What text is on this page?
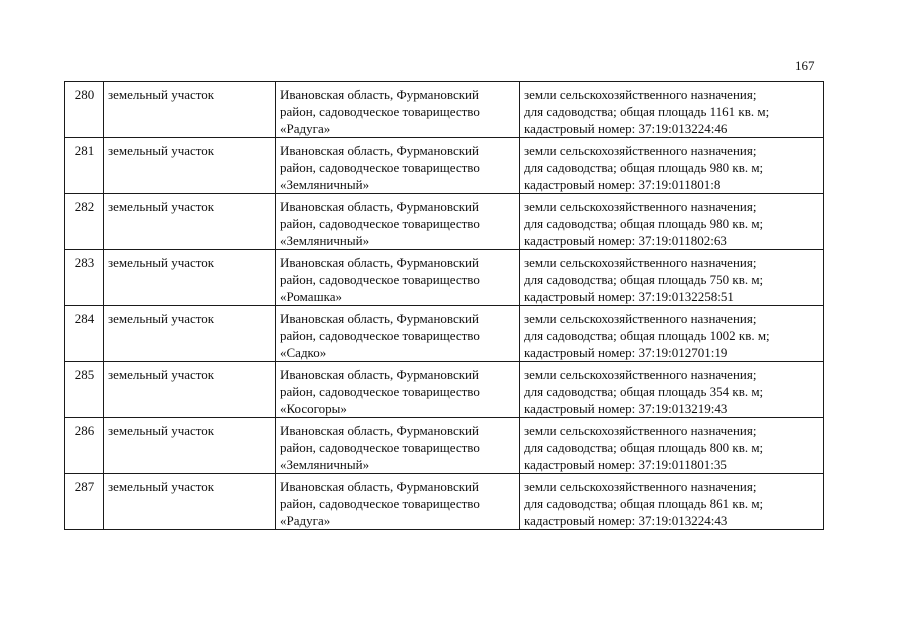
167
280	земельный участок	Ивановская область, Фурмановский
район, садоводческое товарищество
«Радуга»	земли сельскохозяйственного назначения;
для садоводства; общая площадь 1161 кв. м;
кадастровый номер: 37:19:013224:46

281	земельный участок	Ивановская область, Фурмановский
район, садоводческое товарищество
«Земляничный»	земли сельскохозяйственного назначения;
для садоводства; общая площадь 980 кв. м;
кадастровый номер: 37:19:011801:8

282	земельный участок	Ивановская область, Фурмановский
район, садоводческое товарищество
«Земляничный»	земли сельскохозяйственного назначения;
для садоводства; общая площадь 980 кв. м;
кадастровый номер: 37:19:011802:63

283	земельный участок	Ивановская область, Фурмановский
район, садоводческое товарищество
«Ромашка»	земли сельскохозяйственного назначения;
для садоводства; общая площадь 750 кв. м;
кадастровый номер: 37:19:0132258:51

284	земельный участок	Ивановская область, Фурмановский
район, садоводческое товарищество
«Садко»	земли сельскохозяйственного назначения;
для садоводства; общая площадь 1002 кв. м;
кадастровый номер: 37:19:012701:19

285	земельный участок	Ивановская область, Фурмановский
район, садоводческое товарищество
«Косогоры»	земли сельскохозяйственного назначения;
для садоводства; общая площадь 354 кв. м;
кадастровый номер: 37:19:013219:43

286	земельный участок	Ивановская область, Фурмановский
район, садоводческое товарищество
«Земляничный»	земли сельскохозяйственного назначения;
для садоводства; общая площадь 800 кв. м;
кадастровый номер: 37:19:011801:35

287	земельный участок	Ивановская область, Фурмановский
район, садоводческое товарищество
«Радуга»	земли сельскохозяйственного назначения;
для садоводства; общая площадь 861 кв. м;
кадастровый номер: 37:19:013224:43
